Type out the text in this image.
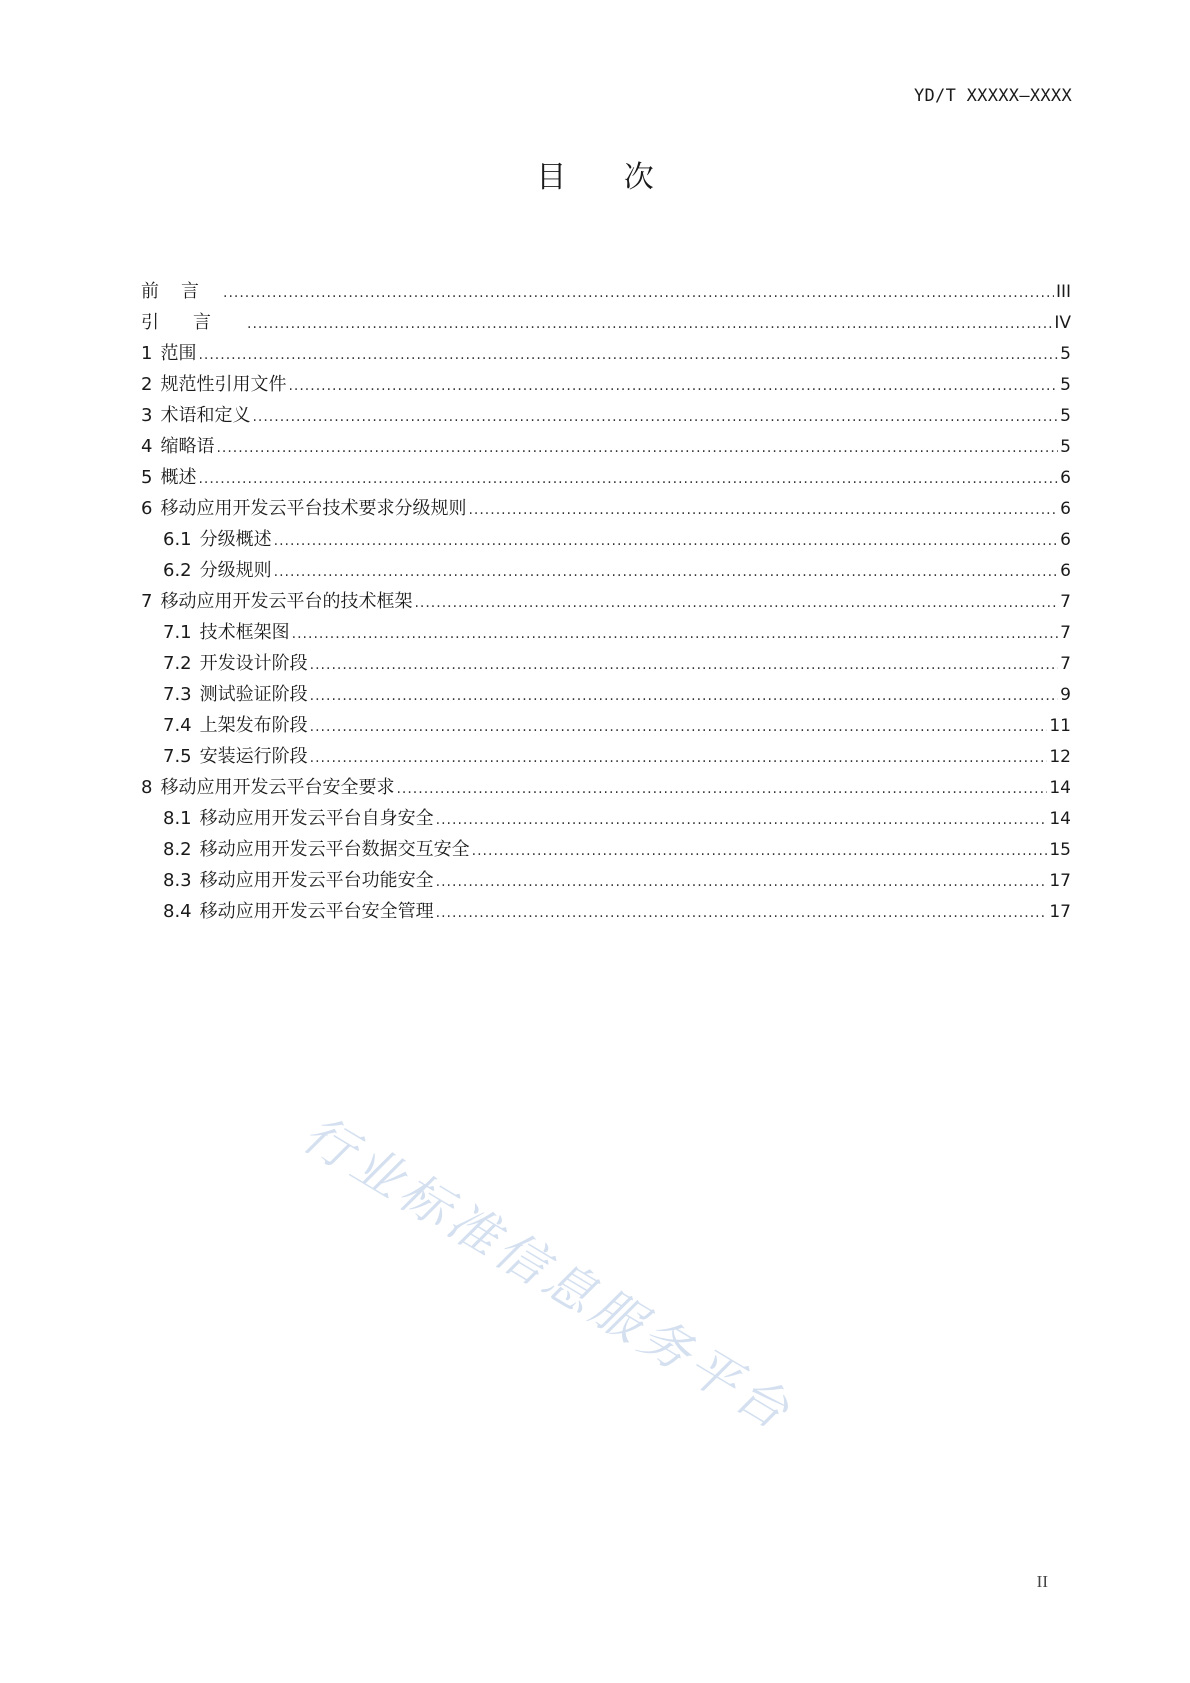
YD/T XXXXX—XXXX
目 次
前言 .....	III
引言 .....	IV
1 范围 .....	5
2 规范性引用文件 .....	5
3 术语和定义 .....	5
4 缩略语 .....	5
5 概述 .....	6
6 移动应用开发云平台技术要求分级规则 .....	6
6.1 分级概述 .....	6
6.2 分级规则 .....	6
7 移动应用开发云平台的技术框架 .....	7
7.1 技术框架图 .....	7
7.2 开发设计阶段 .....	7
7.3 测试验证阶段 .....	9
7.4 上架发布阶段 .....	11
7.5 安装运行阶段 .....	12
8 移动应用开发云平台安全要求 .....	14
8.1 移动应用开发云平台自身安全 .....	14
8.2 移动应用开发云平台数据交互安全 .....	15
8.3 移动应用开发云平台功能安全 .....	17
8.4 移动应用开发云平台安全管理 .....	17
行业标准信息服务平台
II
